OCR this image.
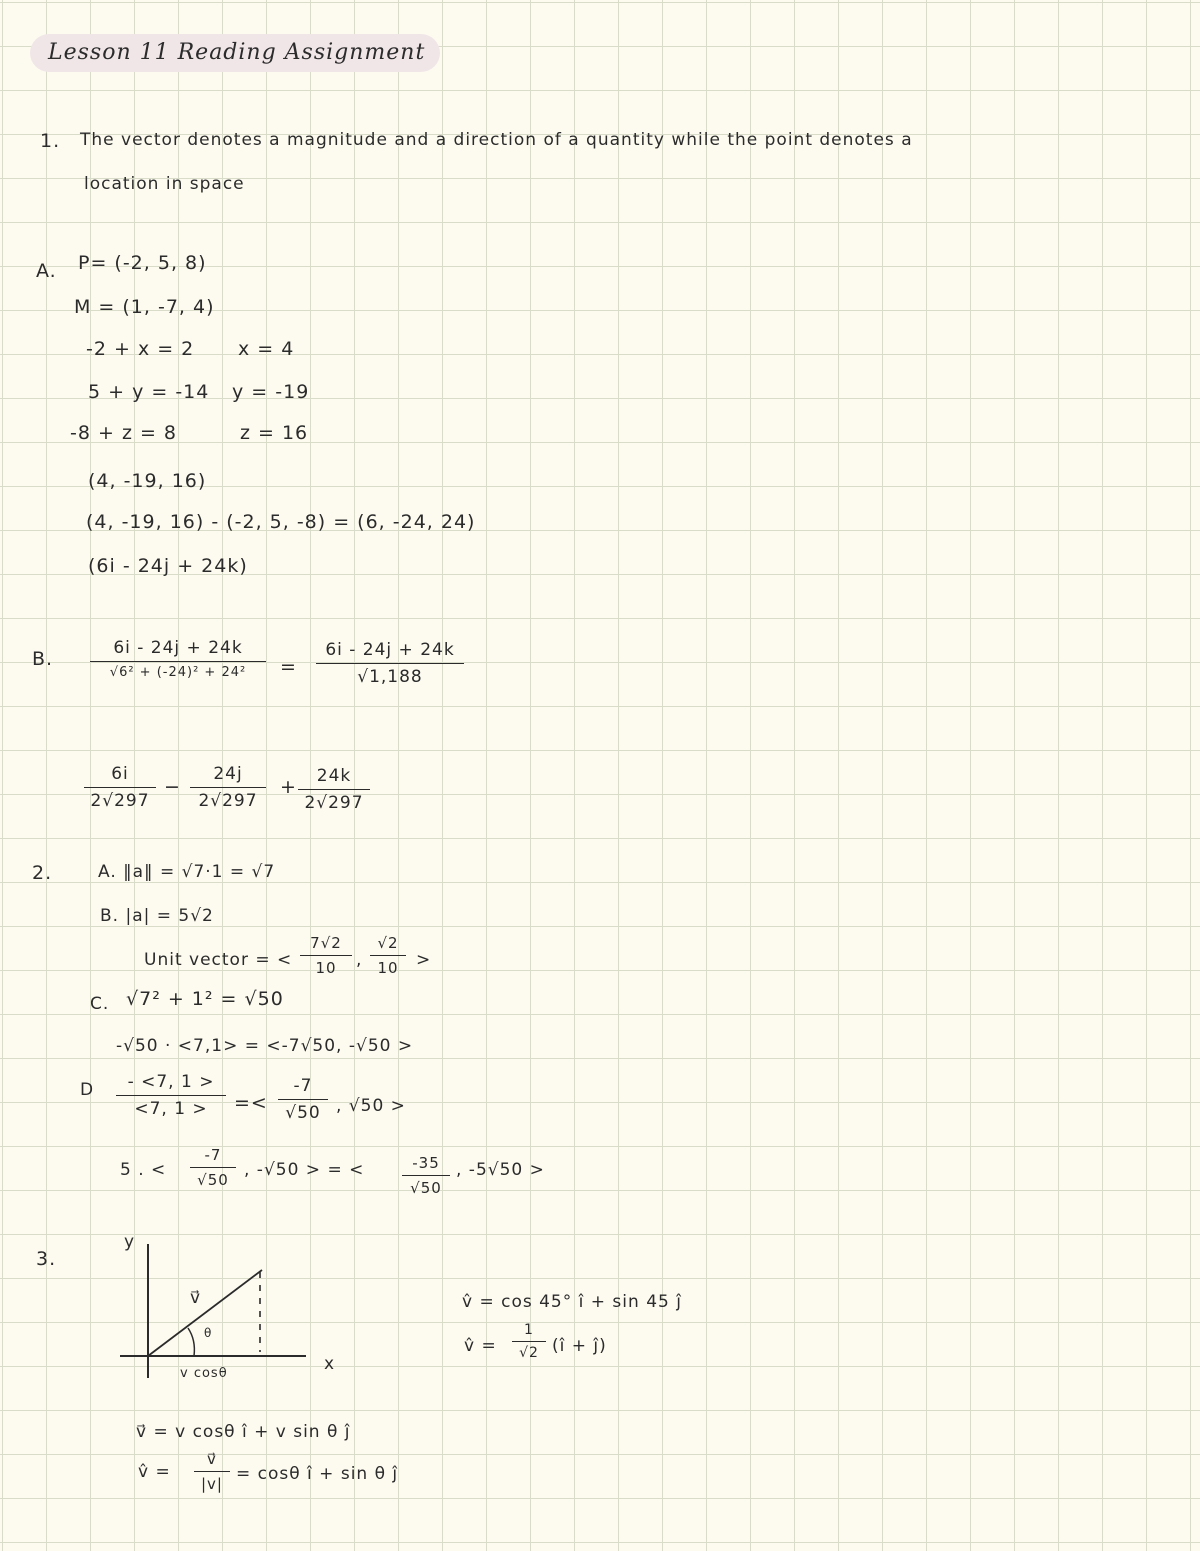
Lesson 11 Reading Assignment
1. The vector denotes a magnitude and a direction of a quantity while the point denotes a
location in space
A. P= (-2, 5, 8)
M = (1, -7, 4)
-2 + x = 2 x = 4
5 + y = -14 y = -19
-8 + z = 8	z = 16
(4, -19, 16)
(4, -19, 16) - (-2, 5, -8) = (6, -24, 24)
(6i - 24j + 24k)
B.	6i - 24j + 24k
√6² + (-24)² + 24²	= $\frac{6i - 24j + 24k}{√1,188}$
$\frac{6i}{2√297} - \frac{24j}{2√297} + \frac{24k}{2√297}$
2.	A. ‖a‖ = √7·1 = √7
B. |a| = 5√2
Unit vector = < $\frac{7√2}{10}$ , $\frac{√2}{10}$ >
C. √7² + 1² = √50
-√50 · <7,1> = <-7√50, -√50 >
D $\frac{- <7, 1 >}{<7, 1 >} =< \frac{-7}{√50}$ , √50 >
5 . < $\frac{-7}{√50}$ , -√50 > = <	$\frac{-35}{√50}$ , -5√50 >
3.
y
x
v⃗
θ
v cosθ
v̂ = cos 45° î + sin 45 ĵ
v̂ = $\frac{1}{√2}$ (î + ĵ)
v⃗ = v cosθ î + v sin θ ĵ
v̂ = $\frac{v⃗}{|v|} = \cos\theta$ î + sin θ ĵ
